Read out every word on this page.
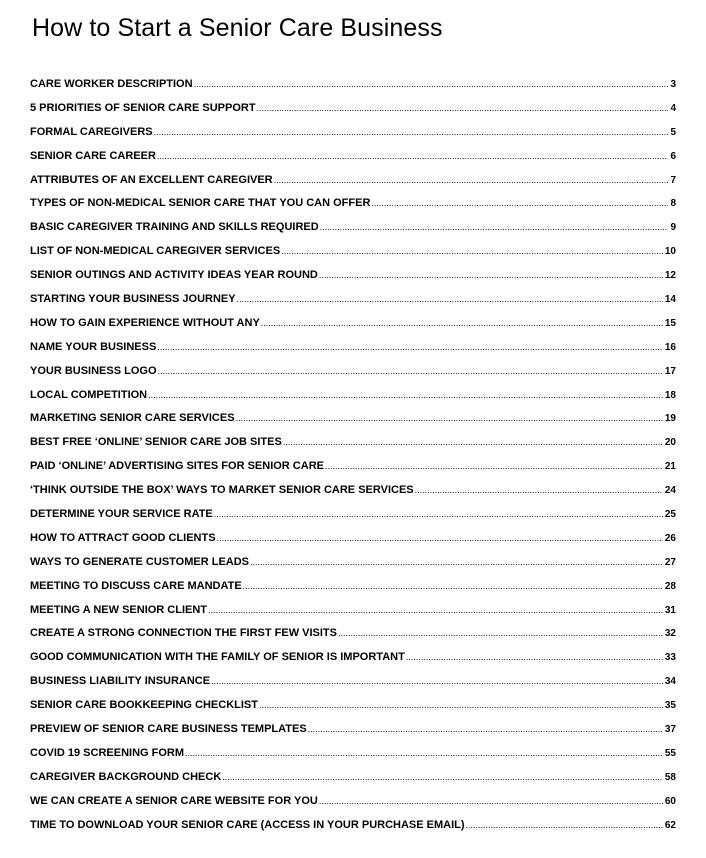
How to Start a Senior Care Business
CARE WORKER DESCRIPTION .....	3
5 PRIORITIES OF SENIOR CARE SUPPORT .....	4
FORMAL CAREGIVERS .....	5
SENIOR CARE CAREER .....	6
ATTRIBUTES OF AN EXCELLENT CAREGIVER .....	7
TYPES OF NON-MEDICAL SENIOR CARE THAT YOU CAN OFFER .....	8
BASIC CAREGIVER TRAINING AND SKILLS REQUIRED .....	9
LIST OF NON-MEDICAL CAREGIVER SERVICES .....	10
SENIOR OUTINGS AND ACTIVITY IDEAS YEAR ROUND .....	12
STARTING YOUR BUSINESS JOURNEY .....	14
HOW TO GAIN EXPERIENCE WITHOUT ANY .....	15
NAME YOUR BUSINESS .....	16
YOUR BUSINESS LOGO .....	17
LOCAL COMPETITION .....	18
MARKETING SENIOR CARE SERVICES .....	19
BEST FREE ‘ONLINE’ SENIOR CARE JOB SITES .....	20
PAID ‘ONLINE’ ADVERTISING SITES FOR SENIOR CARE .....	21
‘THINK OUTSIDE THE BOX’ WAYS TO MARKET SENIOR CARE SERVICES .....	24
DETERMINE YOUR SERVICE RATE .....	25
HOW TO ATTRACT GOOD CLIENTS .....	26
WAYS TO GENERATE CUSTOMER LEADS .....	27
MEETING TO DISCUSS CARE MANDATE .....	28
MEETING A NEW SENIOR CLIENT .....	31
CREATE A STRONG CONNECTION THE FIRST FEW VISITS .....	32
GOOD COMMUNICATION WITH THE FAMILY OF SENIOR IS IMPORTANT .....	33
BUSINESS LIABILITY INSURANCE .....	34
SENIOR CARE BOOKKEEPING CHECKLIST .....	35
PREVIEW OF SENIOR CARE BUSINESS TEMPLATES .....	37
COVID 19 SCREENING FORM .....	55
CAREGIVER BACKGROUND CHECK .....	58
WE CAN CREATE A SENIOR CARE WEBSITE FOR YOU .....	60
TIME TO DOWNLOAD YOUR SENIOR CARE (ACCESS IN YOUR PURCHASE EMAIL) .....	62
